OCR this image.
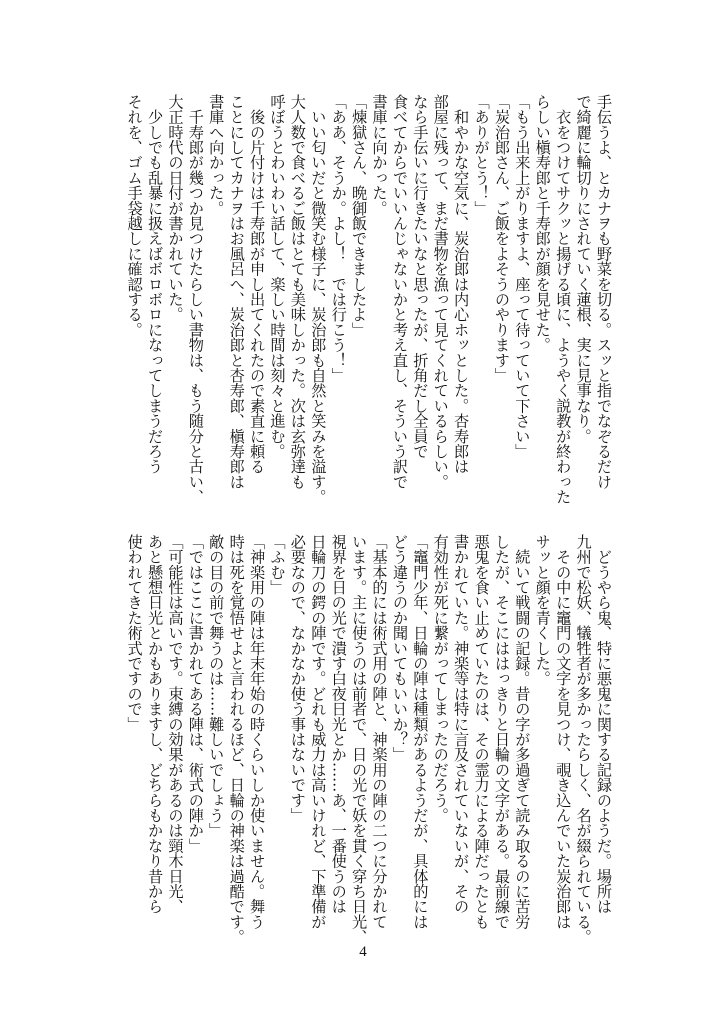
手伝うよ、とカナヲも野菜を切る。スッと指でなぞるだけ
で綺麗に輪切りにされていく蓮根、実に見事なり。
　衣をつけてサクッと揚げる頃に、ようやく説教が終わった
らしい槇寿郎と千寿郎が顔を見せた。
「もう出来上がりますよ、座って待っていて下さい」
「炭治郎さん、ご飯をよそうのやります」
「ありがとう！」
　和やかな空気に、炭治郎は内心ホッとした。杏寿郎は
部屋に残って、まだ書物を漁って見てくれているらしい。
なら手伝いに行きたいなと思ったが、折角だし全員で
食べてからでいいんじゃないかと考え直し、そういう訳で
書庫に向かった。
「煉獄さん、晩御飯できましたよ」
「ああ、そうか。よし！　では行こう！」
　いい匂いだと微笑む様子に、炭治郎も自然と笑みを溢す。
大人数で食べるご飯はとても美味しかった。次は玄弥達も
呼ぼうとわいわい話して、楽しい時間は刻々と進む。
　後の片付けは千寿郎が申し出てくれたので素直に頼る
ことにしてカナヲはお風呂へ、炭治郎と杏寿郎、槇寿郎は
書庫へ向かった。
　千寿郎が幾つか見つけたらしい書物は、もう随分と古い、
大正時代の日付が書かれていた。
　少しでも乱暴に扱えばボロボロになってしまうだろう
それを、ゴム手袋越しに確認する。
　どうやら鬼、特に悪鬼に関する記録のようだ。場所は
九州で松妖、犠牲者が多かったらしく、名が綴られている。
　その中に竈門の文字を見つけ、覗き込んでいた炭治郎は
サッと顔を青くした。
　続いて戦闘の記録。昔の字が多過ぎて読み取るのに苦労
したが、そこにははっきりと日輪の文字がある。最前線で
悪鬼を食い止めていたのは、その霊力による陣だったとも
書かれていた。神楽等は特に言及されていないが、その
有効性が死に繋がってしまったのだろう。
「竈門少年、日輪の陣は種類があるようだが、具体的には
どう違うのか聞いてもいいか？」
「基本的には術式用の陣と、神楽用の陣の二つに分かれて
います。主に使うのは前者で、日の光で妖を貫く穿ち日光、
視界を日の光で潰す白夜日光とか……あ、一番使うのは
日輪刀の鍔の陣です。どれも威力は高いけれど、下準備が
必要なので、なかなか使う事はないです」
「ふむ」
「神楽用の陣は年末年始の時くらいしか使いません。舞う
時は死を覚悟せよと言われるほど、日輪の神楽は過酷です。
敵の目の前で舞うのは……難しいでしょう」
「ではここに書かれてある陣は、術式の陣か」
「可能性は高いです。束縛の効果があるのは頸木日光、
あと懸想日光とかもありますし、どちらもかなり昔から
使われてきた術式ですので」
4
